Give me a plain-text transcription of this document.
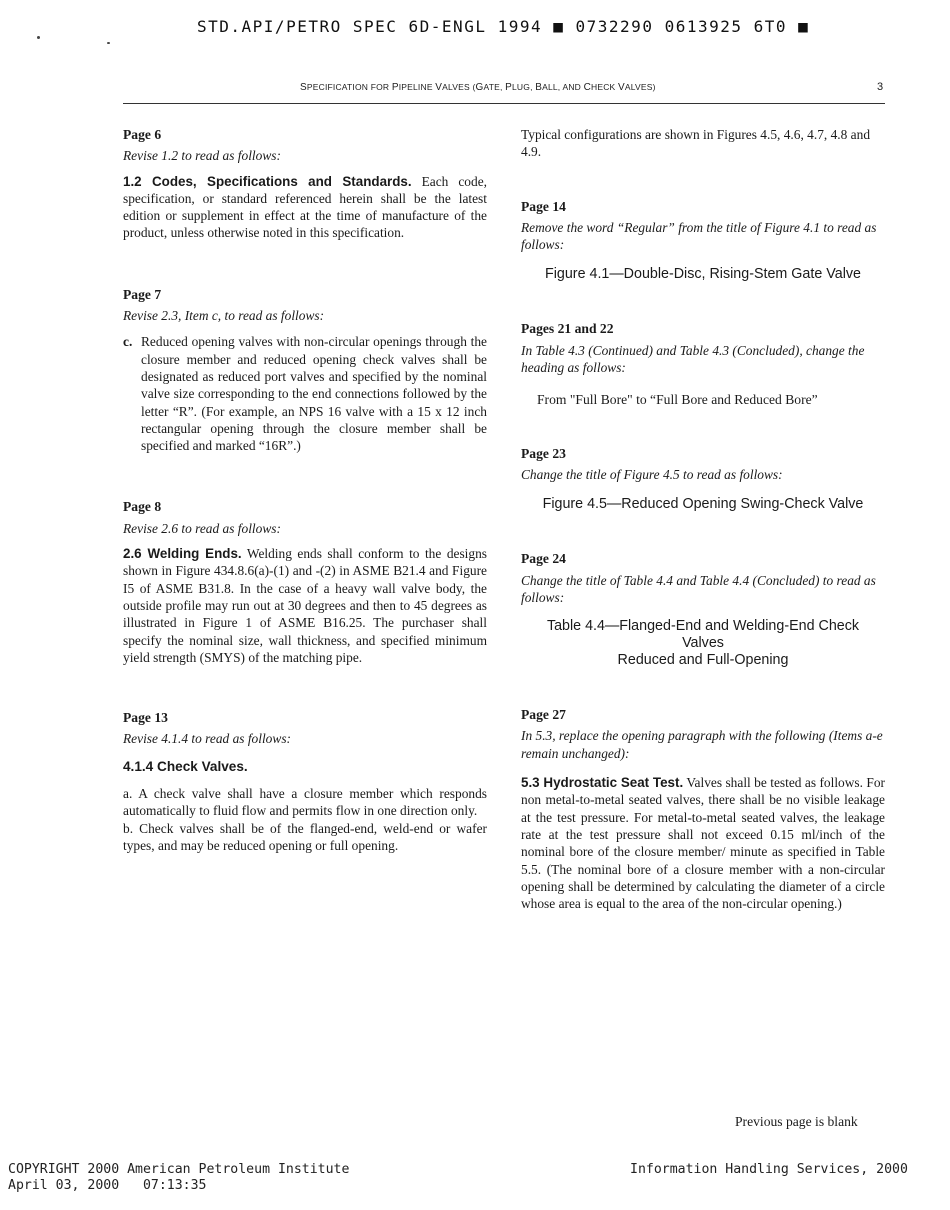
STD.API/PETRO SPEC 6D-ENGL 1994 ■ 0732290 0613925 6T0 ■
SPECIFICATION FOR PIPELINE VALVES (GATE, PLUG, BALL, AND CHECK VALVES)	3

Page 6

Revise 1.2 to read as follows:

1.2 Codes, Specifications and Standards. Each code, specification, or standard referenced herein shall be the latest edition or supplement in effect at the time of manufacture of the product, unless otherwise noted in this specification.

Page 7

Revise 2.3, Item c, to read as follows:

c. Reduced opening valves with non-circular openings through the closure member and reduced opening check valves shall be designated as reduced port valves and specified by the nominal valve size corresponding to the end connections followed by the letter “R”. (For example, an NPS 16 valve with a 15 x 12 inch rectangular opening through the closure member shall be specified and marked “16R”.)

Page 8

Revise 2.6 to read as follows:

2.6 Welding Ends. Welding ends shall conform to the designs shown in Figure 434.8.6(a)-(1) and -(2) in ASME B21.4 and Figure I5 of ASME B31.8. In the case of a heavy wall valve body, the outside profile may run out at 30 degrees and then to 45 degrees as illustrated in Figure 1 of ASME B16.25. The purchaser shall specify the nominal size, wall thickness, and specified minimum yield strength (SMYS) of the matching pipe.

Page 13

Revise 4.1.4 to read as follows:

4.1.4 Check Valves.

a. A check valve shall have a closure member which responds automatically to fluid flow and permits flow in one direction only.

b. Check valves shall be of the flanged-end, weld-end or wafer types, and may be reduced opening or full opening.

Typical configurations are shown in Figures 4.5, 4.6, 4.7, 4.8 and 4.9.

Page 14

Remove the word “Regular” from the title of Figure 4.1 to read as follows:

Figure 4.1—Double-Disc, Rising-Stem Gate Valve

Pages 21 and 22

In Table 4.3 (Continued) and Table 4.3 (Concluded), change the heading as follows:

From "Full Bore" to “Full Bore and Reduced Bore”

Page 23

Change the title of Figure 4.5 to read as follows:

Figure 4.5—Reduced Opening Swing-Check Valve

Page 24

Change the title of Table 4.4 and Table 4.4 (Concluded) to read as follows:

Table 4.4—Flanged-End and Welding-End Check
Valves
Reduced and Full-Opening

Page 27

In 5.3, replace the opening paragraph with the following (Items a-e remain unchanged):

5.3 Hydrostatic Seat Test. Valves shall be tested as follows. For non metal-to-metal seated valves, there shall be no visible leakage at the test pressure. For metal-to-metal seated valves, the leakage rate at the test pressure shall not exceed 0.15 ml/inch of the nominal bore of the closure member/ minute as specified in Table 5.5. (The nominal bore of a closure member with a non-circular opening shall be determined by calculating the diameter of a circle whose area is equal to the area of the non-circular opening.)

Previous page is blank
COPYRIGHT 2000 American Petroleum Institute
April 03, 2000   07:13:35
Information Handling Services, 2000
